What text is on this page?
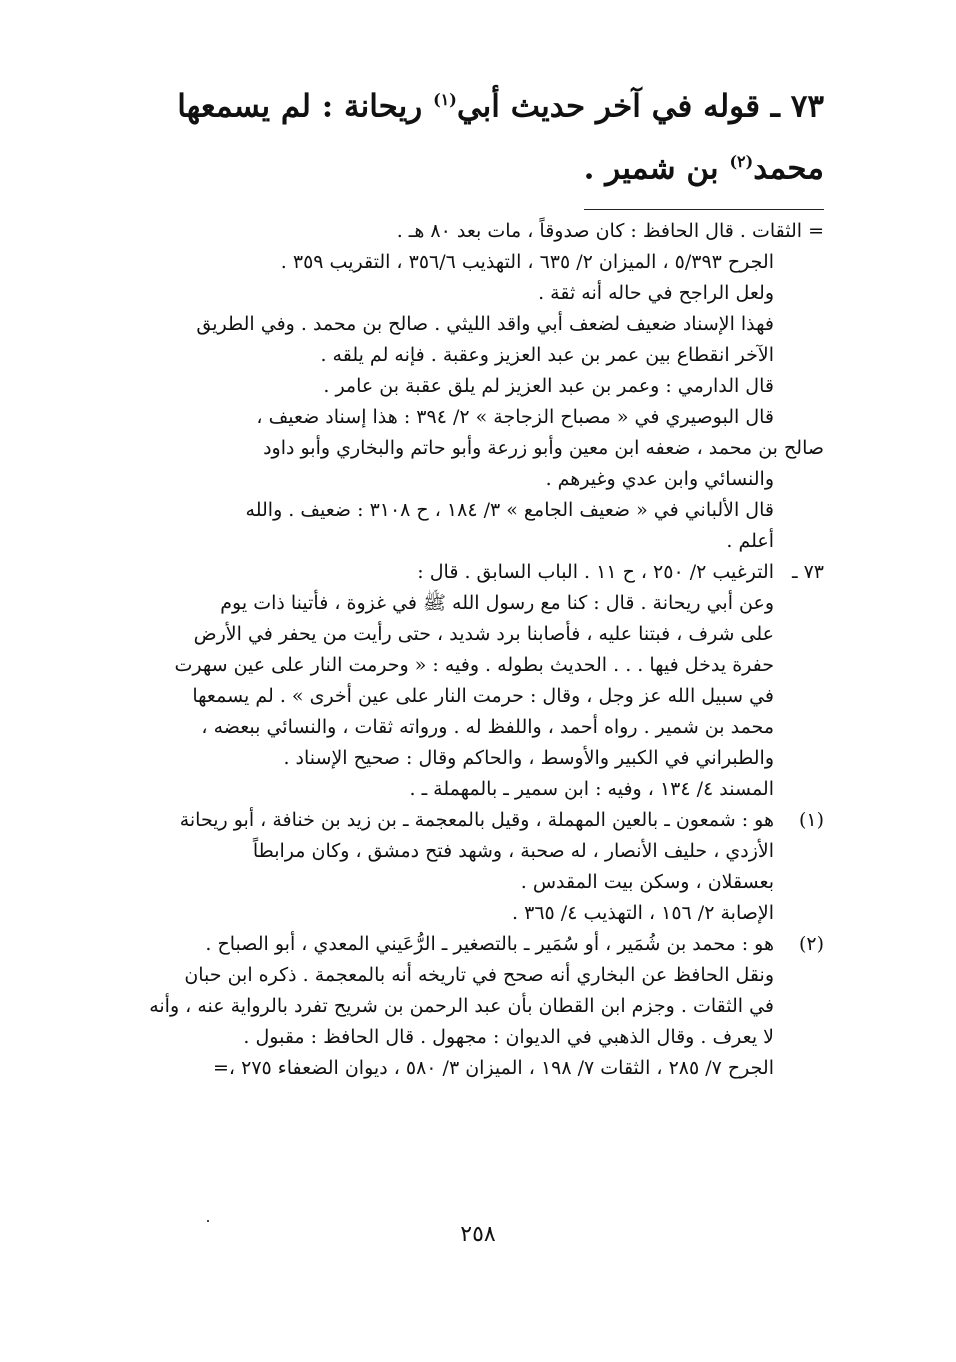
٧٣ ـ قوله في آخر حديث أبي$^{(١)}$ ريحانة : لم يسمعها
محمد$^{(٢)}$ بن شمير .
= الثقات . قال الحافظ : كان صدوقاً ، مات بعد ٨٠ هـ .
الجرح ٥/٣٩٣ ، الميزان ٢/ ٦٣٥ ، التهذيب ٣٥٦/٦ ، التقريب ٣٥٩ .
ولعل الراجح في حاله أنه ثقة .
فهذا الإسناد ضعيف لضعف أبي واقد الليثي . صالح بن محمد . وفي الطريق
الآخر انقطاع بين عمر بن عبد العزيز وعقبة . فإنه لم يلقه .
قال الدارمي : وعمر بن عبد العزيز لم يلق عقبة بن عامر .
قال البوصيري في « مصباح الزجاجة » ٢/ ٣٩٤ : هذا إسناد ضعيف ،
صالح بن محمد ، ضعفه ابن معين وأبو زرعة وأبو حاتم والبخاري وأبو داود
والنسائي وابن عدي وغيرهم .
قال الألباني في « ضعيف الجامع » ٣/ ١٨٤ ، ح ٣١٠٨ : ضعيف . والله
أعلم .
٧٣ ـ
الترغيب ٢/ ٢٥٠ ، ح ١١ . الباب السابق . قال :
وعن أبي ريحانة . قال : كنا مع رسول الله ﷺ في غزوة ، فأتينا ذات يوم
على شرف ، فبتنا عليه ، فأصابنا برد شديد ، حتى رأيت من يحفر في الأرض
حفرة يدخل فيها . . . الحديث بطوله . وفيه : « وحرمت النار على عين سهرت
في سبيل الله عز وجل ، وقال : حرمت النار على عين أخرى » . لم يسمعها
محمد بن شمير . رواه أحمد ، واللفظ له . ورواته ثقات ، والنسائي ببعضه ،
والطبراني في الكبير والأوسط ، والحاكم وقال : صحيح الإسناد .
المسند ٤/ ١٣٤ ، وفيه : ابن سمير ـ بالمهملة ـ .
(١)
هو : شمعون ـ بالعين المهملة ، وقيل بالمعجمة ـ بن زيد بن خنافة ، أبو ريحانة
الأزدي ، حليف الأنصار ، له صحبة ، وشهد فتح دمشق ، وكان مرابطاً
بعسقلان ، وسكن بيت المقدس .
الإصابة ٢/ ١٥٦ ، التهذيب ٤/ ٣٦٥ .
(٢)
هو : محمد بن شُمَير ، أو سُمَير ـ بالتصغير ـ الرُّعَيني المعدي ، أبو الصباح .
ونقل الحافظ عن البخاري أنه صحح في تاريخه أنه بالمعجمة . ذكره ابن حبان
في الثقات . وجزم ابن القطان بأن عبد الرحمن بن شريح تفرد بالرواية عنه ، وأنه
لا يعرف . وقال الذهبي في الديوان : مجهول . قال الحافظ : مقبول .
الجرح ٧/ ٢٨٥ ، الثقات ٧/ ١٩٨ ، الميزان ٣/ ٥٨٠ ، ديوان الضعفاء ٢٧٥ ،=
٢٥٨
